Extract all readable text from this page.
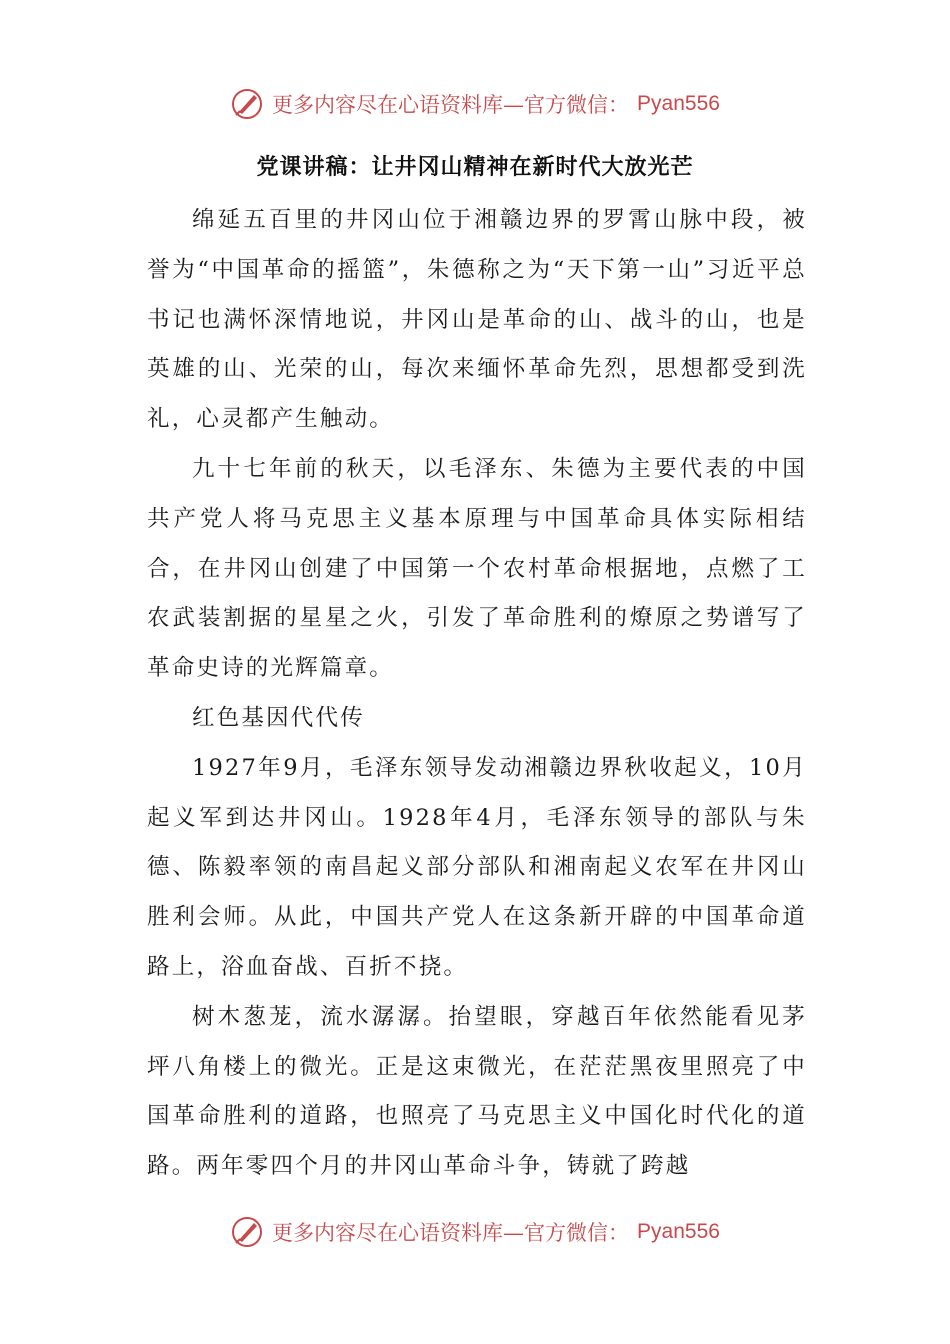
更多内容尽在心语资料库—官方微信： Pyan556
党课讲稿：让井冈山精神在新时代大放光芒

绵延五百里的井冈山位于湘赣边界的罗霄山脉中段，被誉为“中国革命的摇篮”，朱德称之为“天下第一山”习近平总书记也满怀深情地说，井冈山是革命的山、战斗的山，也是英雄的山、光荣的山，每次来缅怀革命先烈，思想都受到洗礼，心灵都产生触动。

九十七年前的秋天，以毛泽东、朱德为主要代表的中国共产党人将马克思主义基本原理与中国革命具体实际相结合，在井冈山创建了中国第一个农村革命根据地，点燃了工农武装割据的星星之火，引发了革命胜利的燎原之势谱写了革命史诗的光辉篇章。

红色基因代代传

1927年9月，毛泽东领导发动湘赣边界秋收起义，10月起义军到达井冈山。1928年4月，毛泽东领导的部队与朱德、陈毅率领的南昌起义部分部队和湘南起义农军在井冈山胜利会师。从此，中国共产党人在这条新开辟的中国革命道路上，浴血奋战、百折不挠。

树木葱茏，流水潺潺。抬望眼，穿越百年依然能看见茅坪八角楼上的微光。正是这束微光，在茫茫黑夜里照亮了中国革命胜利的道路，也照亮了马克思主义中国化时代化的道路。两年零四个月的井冈山革命斗争，铸就了跨越

更多内容尽在心语资料库—官方微信： Pyan556
